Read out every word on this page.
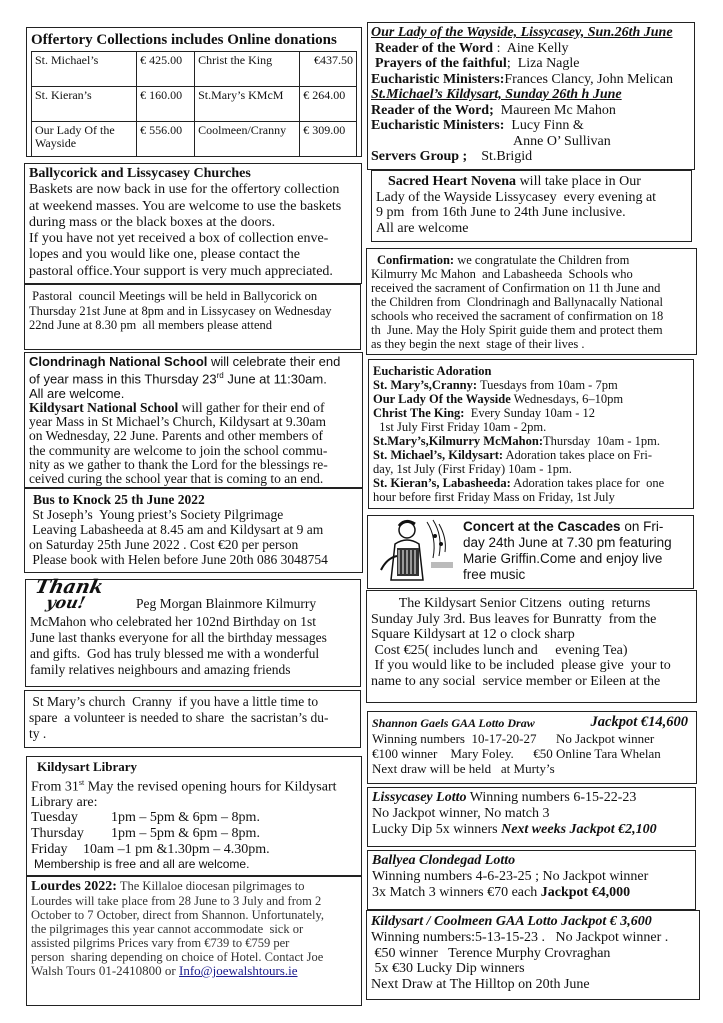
Offertory Collections includes Online donations
St. Michael’s	€ 425.00	Christ the King	€437.50
St. Kieran’s	€ 160.00	St.Mary’s KMcM	€ 264.00
Our Lady Of the Wayside	€ 556.00	Coolmeen/Cranny	€ 309.00
Ballycorick and Lissycasey Churches
Baskets are now back in use for the offertory collection
at weekend masses. You are welcome to use the baskets
during mass or the black boxes at the doors.
If you have not yet received a box of collection enve-
lopes and you would like one, please contact the
pastoral office.Your support is very much appreciated.
Pastoral  council Meetings will be held in Ballycorick on
Thursday 21st June at 8pm and in Lissycasey on Wednesday
22nd June at 8.30 pm  all members please attend
Clondrinagh National School will celebrate their end
of year mass in this Thursday 23rd June at 11:30am.
All are welcome.
Kildysart National School will gather for their end of
year Mass in St Michael’s Church, Kildysart at 9.30am
on Wednesday, 22 June. Parents and other members of
the community are welcome to join the school commu-
nity as we gather to thank the Lord for the blessings re-
ceived curing the school year that is coming to an end.
Bus to Knock 25 th June 2022
St Joseph’s  Young priest’s Society Pilgrimage
Leaving Labasheeda at 8.45 am and Kildysart at 9 am
on Saturday 25th June 2022 . Cost €20 per person
Please book with Helen before June 20th 086 3048754
Thank
you!	Peg Morgan Blainmore Kilmurry
McMahon who celebrated her 102nd Birthday on 1st
June last thanks everyone for all the birthday messages
and gifts.  God has truly blessed me with a wonderful
family relatives neighbours and amazing friends
St Mary’s church  Cranny  if you have a little time to
spare  a volunteer is needed to share  the sacristan’s du-
ty .
Kildysart Library
From 31st May the revised opening hours for Kildysart
Library are:
Tuesday 1pm – 5pm & 6pm – 8pm.
Thursday 1pm – 5pm & 6pm – 8pm.
Friday 10am –1 pm &1.30pm – 4.30pm.
Membership is free and all are welcome.
Lourdes 2022: The Killaloe diocesan pilgrimages to
Lourdes will take place from 28 June to 3 July and from 2
October to 7 October, direct from Shannon. Unfortunately,
the pilgrimages this year cannot accommodate  sick or
assisted pilgrims Prices vary from €739 to €759 per
person  sharing depending on choice of Hotel. Contact Joe
Walsh Tours 01-2410800 or Info@joewalshtours.ie
Our Lady of the Wayside, Lissycasey, Sun.26th June
Reader of the Word :  Aine Kelly
Prayers of the faithful;  Liza Nagle
Eucharistic Ministers:Frances Clancy, John Melican
St.Michael’s Kildysart, Sunday 26th h June
Reader of the Word; Maureen Mc Mahon
Eucharistic Ministers: Lucy Finn &
Anne O’ Sullivan
Servers Group ; St.Brigid
Sacred Heart Novena will take place in Our
Lady of the Wayside Lissycasey  every evening at
9 pm  from 16th June to 24th June inclusive.
All are welcome
Confirmation: we congratulate the Children from
Kilmurry Mc Mahon  and Labasheeda  Schools who
received the sacrament of Confirmation on 11 th June and
the Children from  Clondrinagh and Ballynacally National
schools who received the sacrament of confirmation on 18
th  June. May the Holy Spirit guide them and protect them
as they begin the next  stage of their lives .
Eucharistic Adoration
St. Mary’s,Cranny: Tuesdays from 10am - 7pm
Our Lady Of the Wayside Wednesdays, 6–10pm
Christ The King:  Every Sunday 10am - 12
1st July First Friday 10am - 2pm.
St.Mary’s,Kilmurry McMahon:Thursday  10am - 1pm.
St. Michael’s, Kildysart: Adoration takes place on Fri-
day, 1st July (First Friday) 10am - 1pm.
St. Kieran’s, Labasheeda: Adoration takes place for  one
hour before first Friday Mass on Friday, 1st July
Concert at the Cascades on Fri-
day 24th June at 7.30 pm featuring
Marie Griffin.Come and enjoy live
free music
The Kildysart Senior Citzens  outing  returns
Sunday July 3rd. Bus leaves for Bunratty  from the
Square Kildysart at 12 o clock sharp
Cost €25( includes lunch and     evening Tea)
If you would like to be included  please give  your to
name to any social  service member or Eileen at the
Shannon Gaels GAA Lotto Draw	Jackpot €14,600
Winning numbers  10-17-20-27      No Jackpot winner
€100 winner    Mary Foley.      €50 Online Tara Whelan
Next draw will be held   at Murty’s
Lissycasey Lotto Winning numbers 6-15-22-23
No Jackpot winner, No match 3
Lucky Dip 5x winners Next weeks Jackpot €2,100
Ballyea Clondegad Lotto
Winning numbers 4-6-23-25 ; No Jackpot winner
3x Match 3 winners €70 each Jackpot €4,000
Kildysart / Coolmeen GAA Lotto Jackpot € 3,600
Winning numbers:5-13-15-23 .   No Jackpot winner .
€50 winner   Terence Murphy Crovraghan
5x €30 Lucky Dip winners
Next Draw at The Hilltop on 20th June
